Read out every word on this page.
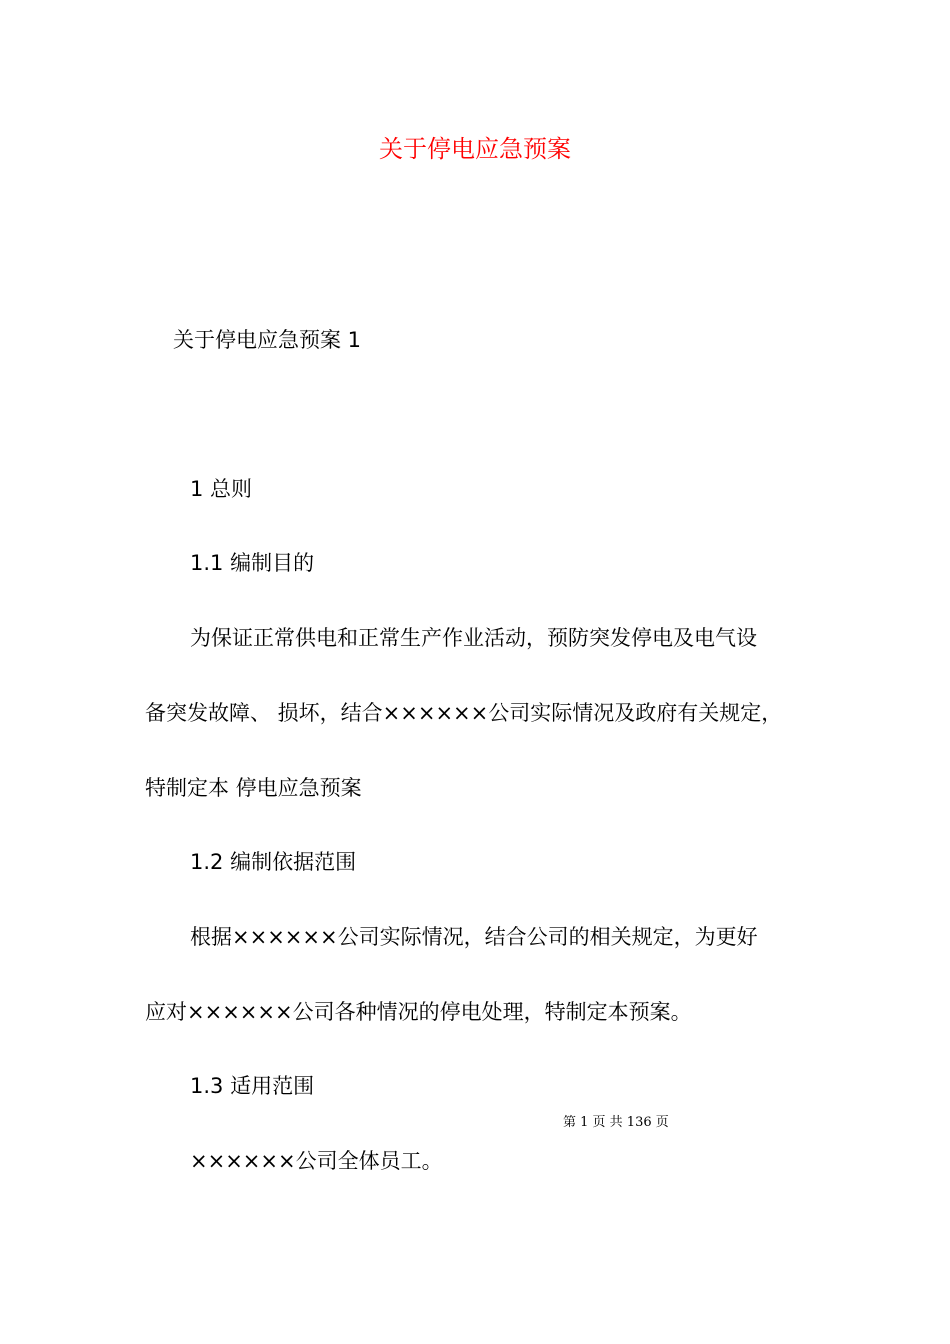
关于停电应急预案
关于停电应急预案 1
1 总则
1.1 编制目的
为保证正常供电和正常生产作业活动，预防突发停电及电气设
备突发故障、 损坏，结合××××××公司实际情况及政府有关规定，
特制定本 停电应急预案
1.2 编制依据范围
根据××××××公司实际情况，结合公司的相关规定，为更好
应对××××××公司各种情况的停电处理，特制定本预案。
1.3 适用范围
第 1 页 共 136 页
××××××公司全体员工。
